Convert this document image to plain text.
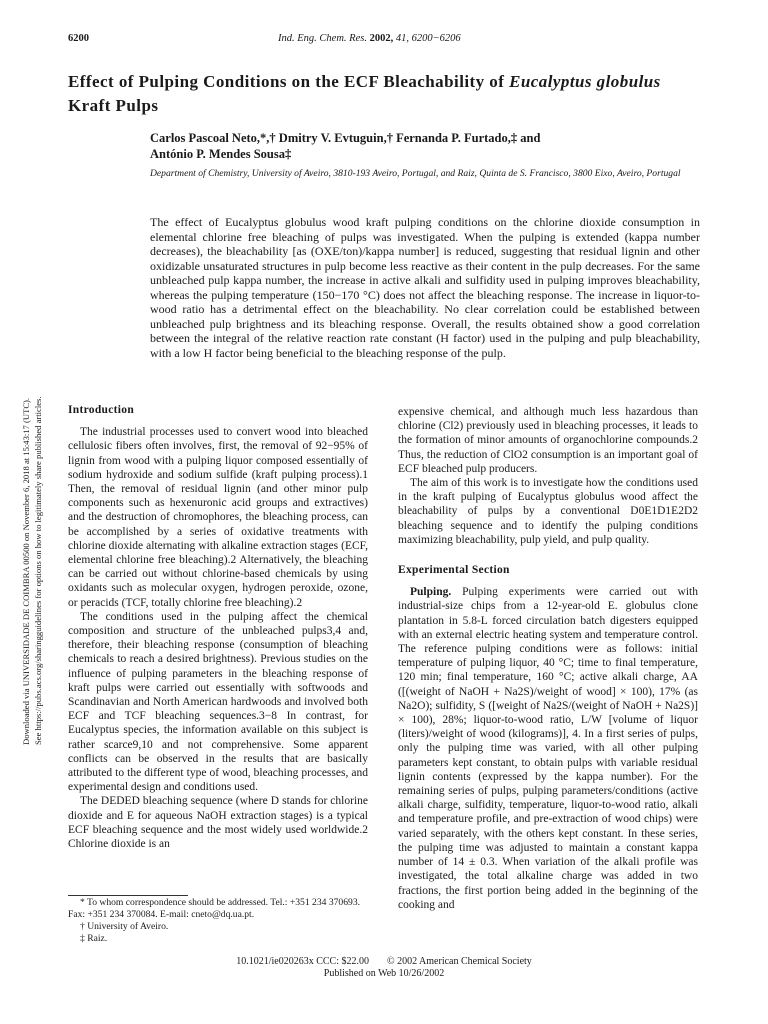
6200	Ind. Eng. Chem. Res. 2002, 41, 6200−6206
Effect of Pulping Conditions on the ECF Bleachability of Eucalyptus globulus Kraft Pulps
Carlos Pascoal Neto,*,† Dmitry V. Evtuguin,† Fernanda P. Furtado,‡ and
António P. Mendes Sousa‡
Department of Chemistry, University of Aveiro, 3810-193 Aveiro, Portugal, and Raiz, Quinta de S. Francisco, 3800 Eixo, Aveiro, Portugal
The effect of Eucalyptus globulus wood kraft pulping conditions on the chlorine dioxide consumption in elemental chlorine free bleaching of pulps was investigated. When the pulping is extended (kappa number decreases), the bleachability [as (OXE/ton)/kappa number] is reduced, suggesting that residual lignin and other oxidizable unsaturated structures in pulp become less reactive as their content in the pulp decreases. For the same unbleached pulp kappa number, the increase in active alkali and sulfidity used in pulping improves bleachability, whereas the pulping temperature (150−170 °C) does not affect the bleaching response. The increase in liquor-to-wood ratio has a detrimental effect on the bleachability. No clear correlation could be established between unbleached pulp brightness and its bleaching response. Overall, the results obtained show a good correlation between the integral of the relative reaction rate constant (H factor) used in the pulping and pulp bleachability, with a low H factor being beneficial to the bleaching response of the pulp.
Downloaded via UNIVERSIDADE DE COIMBRA 00500 on November 6, 2018 at 15:43:17 (UTC). See https://pubs.acs.org/sharingguidelines for options on how to legitimately share published articles. Introduction

The industrial processes used to convert wood into bleached cellulosic fibers often involves, first, the removal of 92−95% of lignin from wood with a pulping liquor composed essentially of sodium hydroxide and sodium sulfide (kraft pulping process).1 Then, the removal of residual lignin (and other minor pulp components such as hexenuronic acid groups and extractives) and the destruction of chromophores, the bleaching process, can be accomplished by a series of oxidative treatments with chlorine dioxide alternating with alkaline extraction stages (ECF, elemental chlorine free bleaching).2 Alternatively, the bleaching can be carried out without chlorine-based chemicals by using oxidants such as molecular oxygen, hydrogen peroxide, ozone, or peracids (TCF, totally chlorine free bleaching).2

The conditions used in the pulping affect the chemical composition and structure of the unbleached pulps3,4 and, therefore, their bleaching response (consumption of bleaching chemicals to reach a desired brightness). Previous studies on the influence of pulping parameters in the bleaching response of kraft pulps were carried out essentially with softwoods and Scandinavian and North American hardwoods and involved both ECF and TCF bleaching sequences.3−8 In contrast, for Eucalyptus species, the information available on this subject is rather scarce9,10 and not comprehensive. Some apparent conflicts can be observed in the results that are basically attributed to the different type of wood, bleaching processes, and experimental design and conditions used.

The DEDED bleaching sequence (where D stands for chlorine dioxide and E for aqueous NaOH extraction stages) is a typical ECF bleaching sequence and the most widely used worldwide.2 Chlorine dioxide is an

expensive chemical, and although much less hazardous than chlorine (Cl2) previously used in bleaching processes, it leads to the formation of minor amounts of organochlorine compounds.2 Thus, the reduction of ClO2 consumption is an important goal of ECF bleached pulp producers.

The aim of this work is to investigate how the conditions used in the kraft pulping of Eucalyptus globulus wood affect the bleachability of pulps by a conventional D0E1D1E2D2 bleaching sequence and to identify the pulping conditions maximizing bleachability, pulp yield, and pulp quality.

Experimental Section

Pulping. Pulping experiments were carried out with industrial-size chips from a 12-year-old E. globulus clone plantation in 5.8-L forced circulation batch digesters equipped with an external electric heating system and temperature control. The reference pulping conditions were as follows: initial temperature of pulping liquor, 40 °C; time to final temperature, 120 min; final temperature, 160 °C; active alkali charge, AA ([(weight of NaOH + Na2S)/weight of wood] × 100), 17% (as Na2O); sulfidity, S ([weight of Na2S/(weight of NaOH + Na2S)] × 100), 28%; liquor-to-wood ratio, L/W [volume of liquor (liters)/weight of wood (kilograms)], 4. In a first series of pulps, only the pulping time was varied, with all other pulping parameters kept constant, to obtain pulps with variable residual lignin contents (expressed by the kappa number). For the remaining series of pulps, pulping parameters/conditions (active alkali charge, sulfidity, temperature, liquor-to-wood ratio, alkali and temperature profile, and pre-extraction of wood chips) were varied separately, with the others kept constant. In these series, the pulping time was adjusted to maintain a constant kappa number of 14 ± 0.3. When variation of the alkali profile was investigated, the total alkaline charge was added in two fractions, the first portion being added in the beginning of the cooking and

* To whom correspondence should be addressed. Tel.: +351 234 370693. Fax: +351 234 370084. E-mail: cneto@dq.ua.pt.
† University of Aveiro.
‡ Raiz.
10.1021/ie020263x CCC: $22.00 © 2002 American Chemical Society
Published on Web 10/26/2002
